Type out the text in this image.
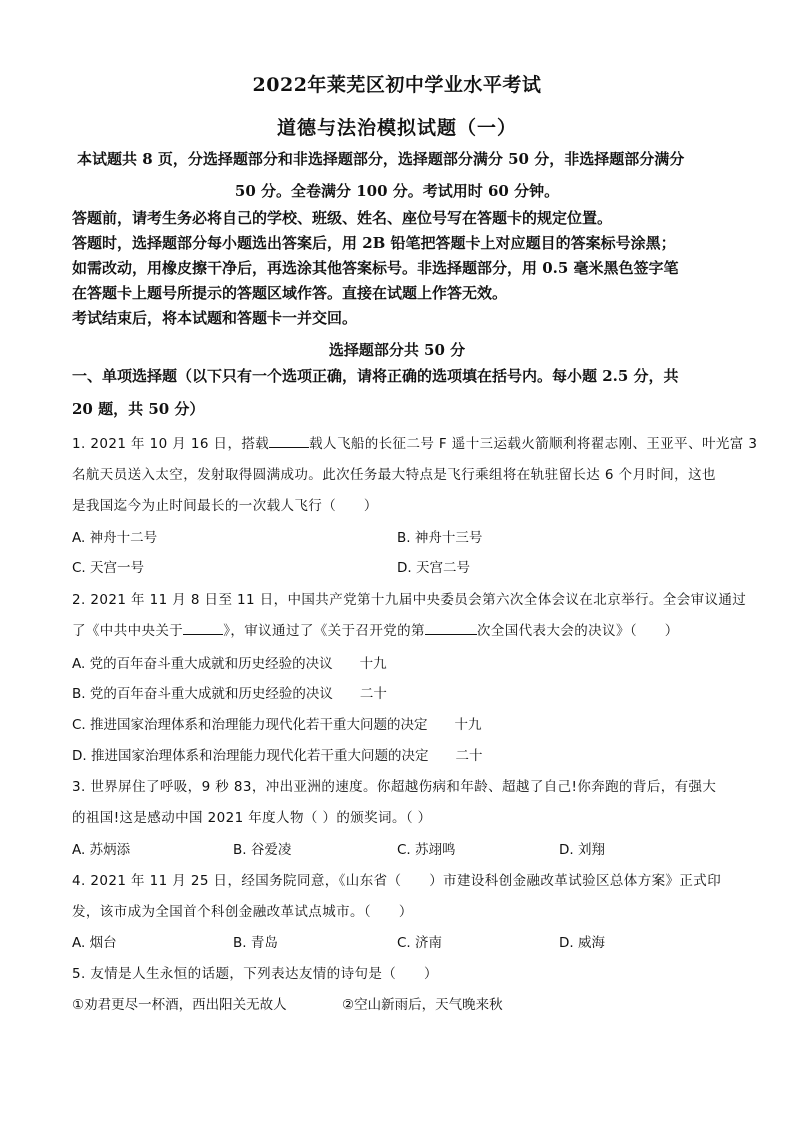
2022年莱芜区初中学业水平考试
道德与法治模拟试题（一）
本试题共 8 页，分选择题部分和非选择题部分，选择题部分满分 50 分，非选择题部分满分
50 分。全卷满分 100 分。考试用时 60 分钟。
答题前，请考生务必将自己的学校、班级、姓名、座位号写在答题卡的规定位置。
答题时，选择题部分每小题选出答案后，用 2B 铅笔把答题卡上对应题目的答案标号涂黑；
如需改动，用橡皮擦干净后，再选涂其他答案标号。非选择题部分，用 0.5 毫米黑色签字笔
在答题卡上题号所提示的答题区域作答。直接在试题上作答无效。
考试结束后，将本试题和答题卡一并交回。
选择题部分共 50 分
一、单项选择题（以下只有一个选项正确，请将正确的选项填在括号内。每小题 2.5 分，共
20 题，共 50 分）
1. 2021 年 10 月 16 日，搭载	载人飞船的长征二号 F 遥十三运载火箭顺利将翟志刚、王亚平、叶光富 3
名航天员送入太空，发射取得圆满成功。此次任务最大特点是飞行乘组将在轨驻留长达 6 个月时间，这也
是我国迄今为止时间最长的一次载人飞行（　　）
A. 神舟十二号	B. 神舟十三号
C. 天宫一号	D. 天宫二号
2. 2021 年 11 月 8 日至 11 日，中国共产党第十九届中央委员会第六次全体会议在北京举行。全会审议通过
了《中共中央关于	》，审议通过了《关于召开党的第	次全国代表大会的决议》（　　）
A. 党的百年奋斗重大成就和历史经验的决议　　十九
B. 党的百年奋斗重大成就和历史经验的决议　　二十
C. 推进国家治理体系和治理能力现代化若干重大问题的决定　　十九
D. 推进国家治理体系和治理能力现代化若干重大问题的决定　　二十
3. 世界屏住了呼吸，9 秒 83，冲出亚洲的速度。你超越伤病和年龄、超越了自己!你奔跑的背后，有强大
的祖国!这是感动中国 2021 年度人物（ ）的颁奖词。（ ）
A. 苏炳添	B. 谷爱凌	C. 苏翊鸣	D. 刘翔
4. 2021 年 11 月 25 日，经国务院同意，《山东省（　　）市建设科创金融改革试验区总体方案》正式印
发，该市成为全国首个科创金融改革试点城市。（　　）
A. 烟台	B. 青岛	C. 济南	D. 威海
5. 友情是人生永恒的话题，下列表达友情的诗句是（　　）
①劝君更尽一杯酒，西出阳关无故人	②空山新雨后，天气晚来秋
